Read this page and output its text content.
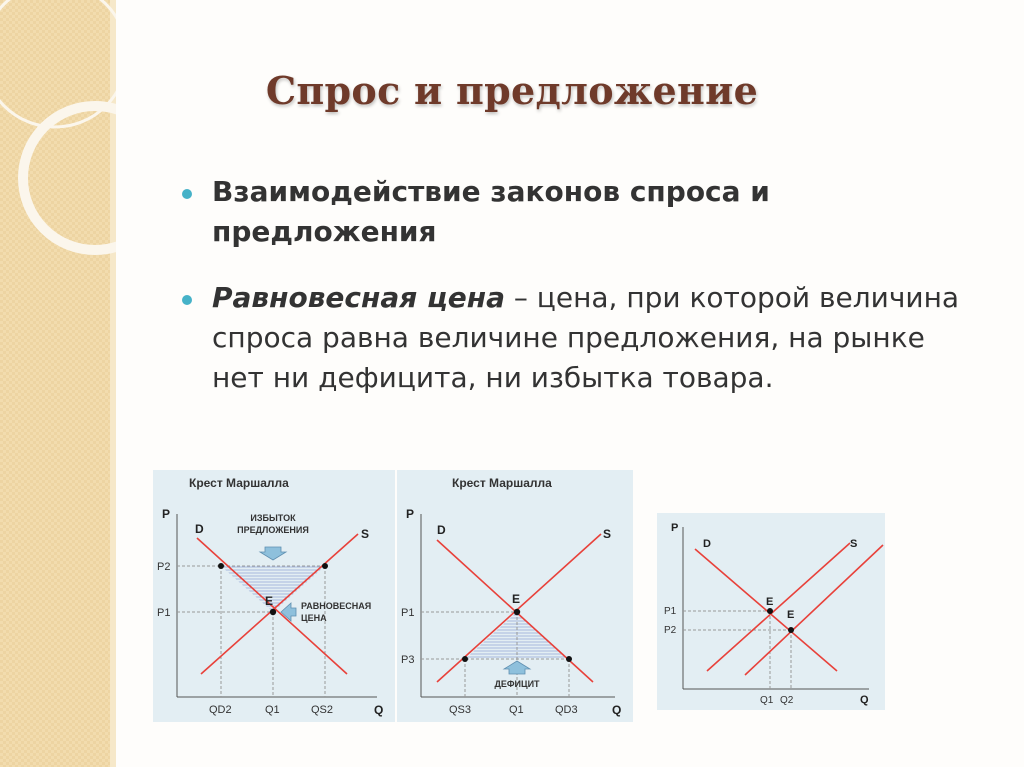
Спрос и предложение
Взаимодействие законов спроса и предложения
Равновесная цена – цена, при которой величина спроса равна величине предложения, на рынке нет ни дефицита, ни избытка товара.
Крест Маршалла
P
Q
D	S
E
P2
P1
QD2	Q1	QS2
ИЗБЫТОК
ПРЕДЛОЖЕНИЯ
РАВНОВЕСНАЯ
ЦЕНА
Крест Маршалла
P
Q
D	S
E
P1
P3
QS3	Q1	QD3
ДЕФИЦИТ
P
Q
D	S
E
E
P1
P2
Q1 Q2
